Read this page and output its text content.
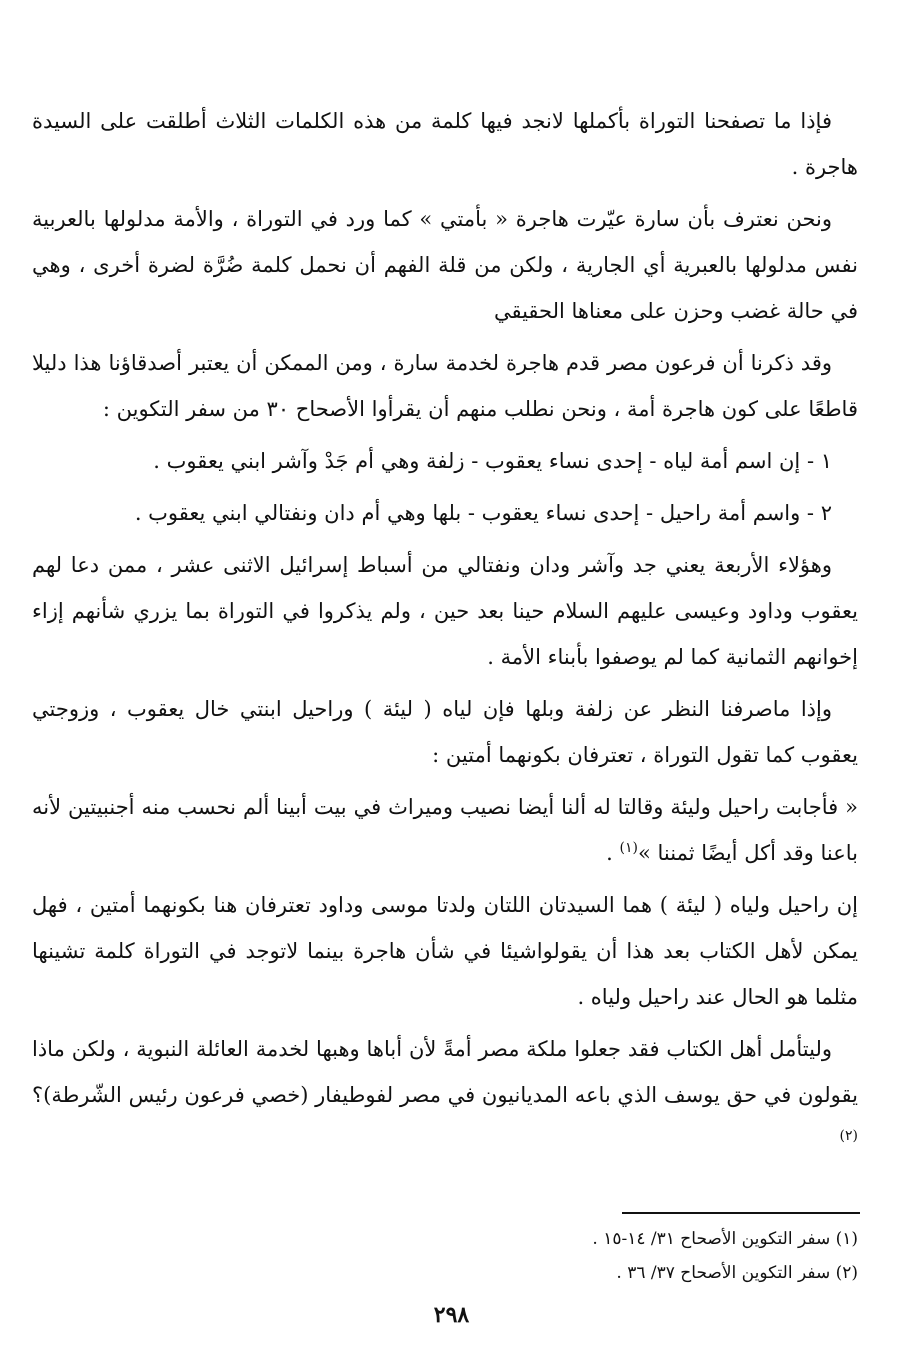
فإذا ما تصفحنا التوراة بأكملها لانجد فيها كلمة من هذه الكلمات الثلاث أطلقت على السيدة هاجرة .

ونحن نعترف بأن سارة عيّرت هاجرة « بأمتي » كما ورد في التوراة ، والأمة مدلولها بالعربية نفس مدلولها بالعبرية أي الجارية ، ولكن من قلة الفهم أن نحمل كلمة ضُرَّة لضرة أخرى ، وهي في حالة غضب وحزن على معناها الحقيقي

وقد ذكرنا أن فرعون مصر قدم هاجرة لخدمة سارة ، ومن الممكن أن يعتبر أصدقاؤنا هذا دليلا قاطعًا على كون هاجرة أمة ، ونحن نطلب منهم أن يقرأوا الأصحاح ٣٠ من سفر التكوين :

١ - إن اسم أمة لياه - إحدى نساء يعقوب - زلفة وهي أم جَدْ وآشر ابني يعقوب .

٢ - واسم أمة راحيل - إحدى نساء يعقوب - بلها وهي أم دان ونفتالي ابني يعقوب .

وهؤلاء الأربعة يعني جد وآشر ودان ونفتالي من أسباط إسرائيل الاثنى عشر ، ممن دعا لهم يعقوب وداود وعيسى عليهم السلام حينا بعد حين ، ولم يذكروا في التوراة بما يزري شأنهم إزاء إخوانهم الثمانية كما لم يوصفوا بأبناء الأمة .

وإذا ماصرفنا النظر عن زلفة وبلها فإن لياه ( ليئة ) وراحيل ابنتي خال يعقوب ، وزوجتي يعقوب كما تقول التوراة ، تعترفان بكونهما أمتين :

« فأجابت راحيل وليئة وقالتا له ألنا أيضا نصيب وميراث في بيت أبينا ألم نحسب منه أجنبيتين لأنه باعنا وقد أكل أيضًا ثمننا »$^{(١)}$ .

إن راحيل ولياه ( ليئة ) هما السيدتان اللتان ولدتا موسى وداود تعترفان هنا بكونهما أمتين ، فهل يمكن لأهل الكتاب بعد هذا أن يقولواشيئا في شأن هاجرة بينما لاتوجد في التوراة كلمة تشينها مثلما هو الحال عند راحيل ولياه .

وليتأمل أهل الكتاب فقد جعلوا ملكة مصر أمةً لأن أباها وهبها لخدمة العائلة النبوية ، ولكن ماذا يقولون في حق يوسف الذي باعه المديانيون في مصر لفوطيفار (خصي فرعون رئيس الشّرطة)؟$^{(٢)}$

(١) سفر التكوين الأصحاح ٣١/ ١٤-١٥ .

(٢) سفر التكوين الأصحاح ٣٧/ ٣٦ .

٢٩٨
